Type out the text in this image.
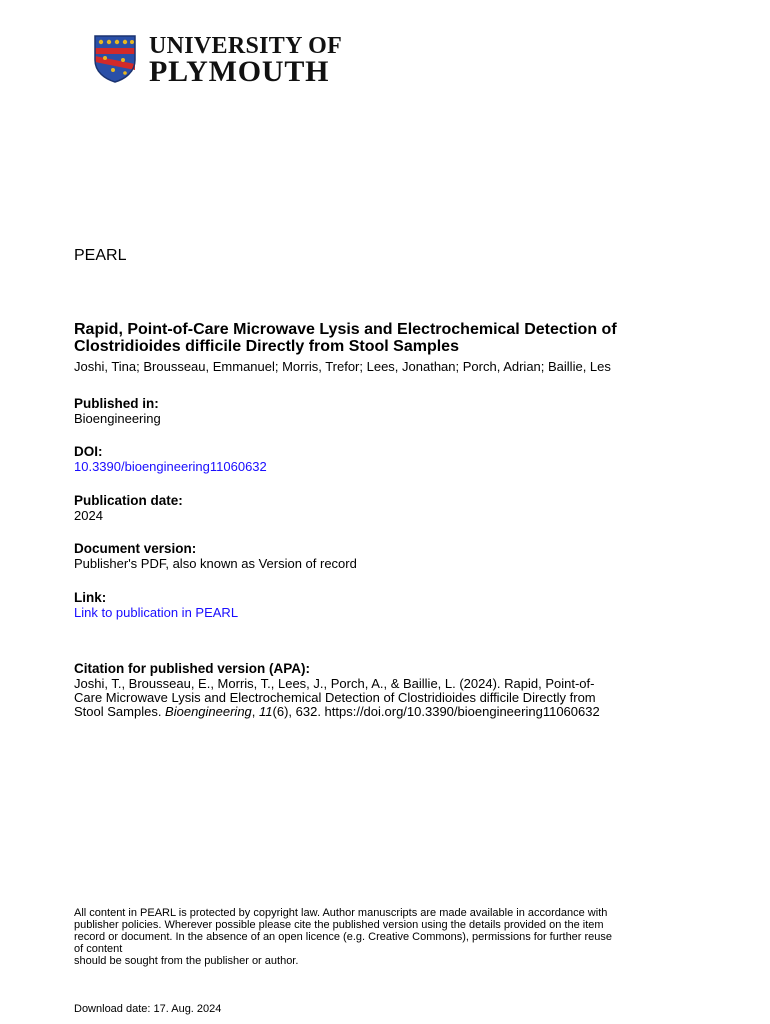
UNIVERSITY OF
PLYMOUTH
PEARL
Rapid, Point-of-Care Microwave Lysis and Electrochemical Detection of
Clostridioides difficile Directly from Stool Samples
Joshi, Tina; Brousseau, Emmanuel; Morris, Trefor; Lees, Jonathan; Porch, Adrian; Baillie, Les
Published in:
Bioengineering
DOI:
10.3390/bioengineering11060632
Publication date:
2024
Document version:
Publisher's PDF, also known as Version of record
Link:
Link to publication in PEARL
Citation for published version (APA):
Joshi, T., Brousseau, E., Morris, T., Lees, J., Porch, A., & Baillie, L. (2024). Rapid, Point-of-
Care Microwave Lysis and Electrochemical Detection of Clostridioides difficile Directly from
Stool Samples. Bioengineering, 11(6), 632. https://doi.org/10.3390/bioengineering11060632
All content in PEARL is protected by copyright law. Author manuscripts are made available in accordance with
publisher policies. Wherever possible please cite the published version using the details provided on the item
record or document. In the absence of an open licence (e.g. Creative Commons), permissions for further reuse
of content
should be sought from the publisher or author.
Download date: 17. Aug. 2024
